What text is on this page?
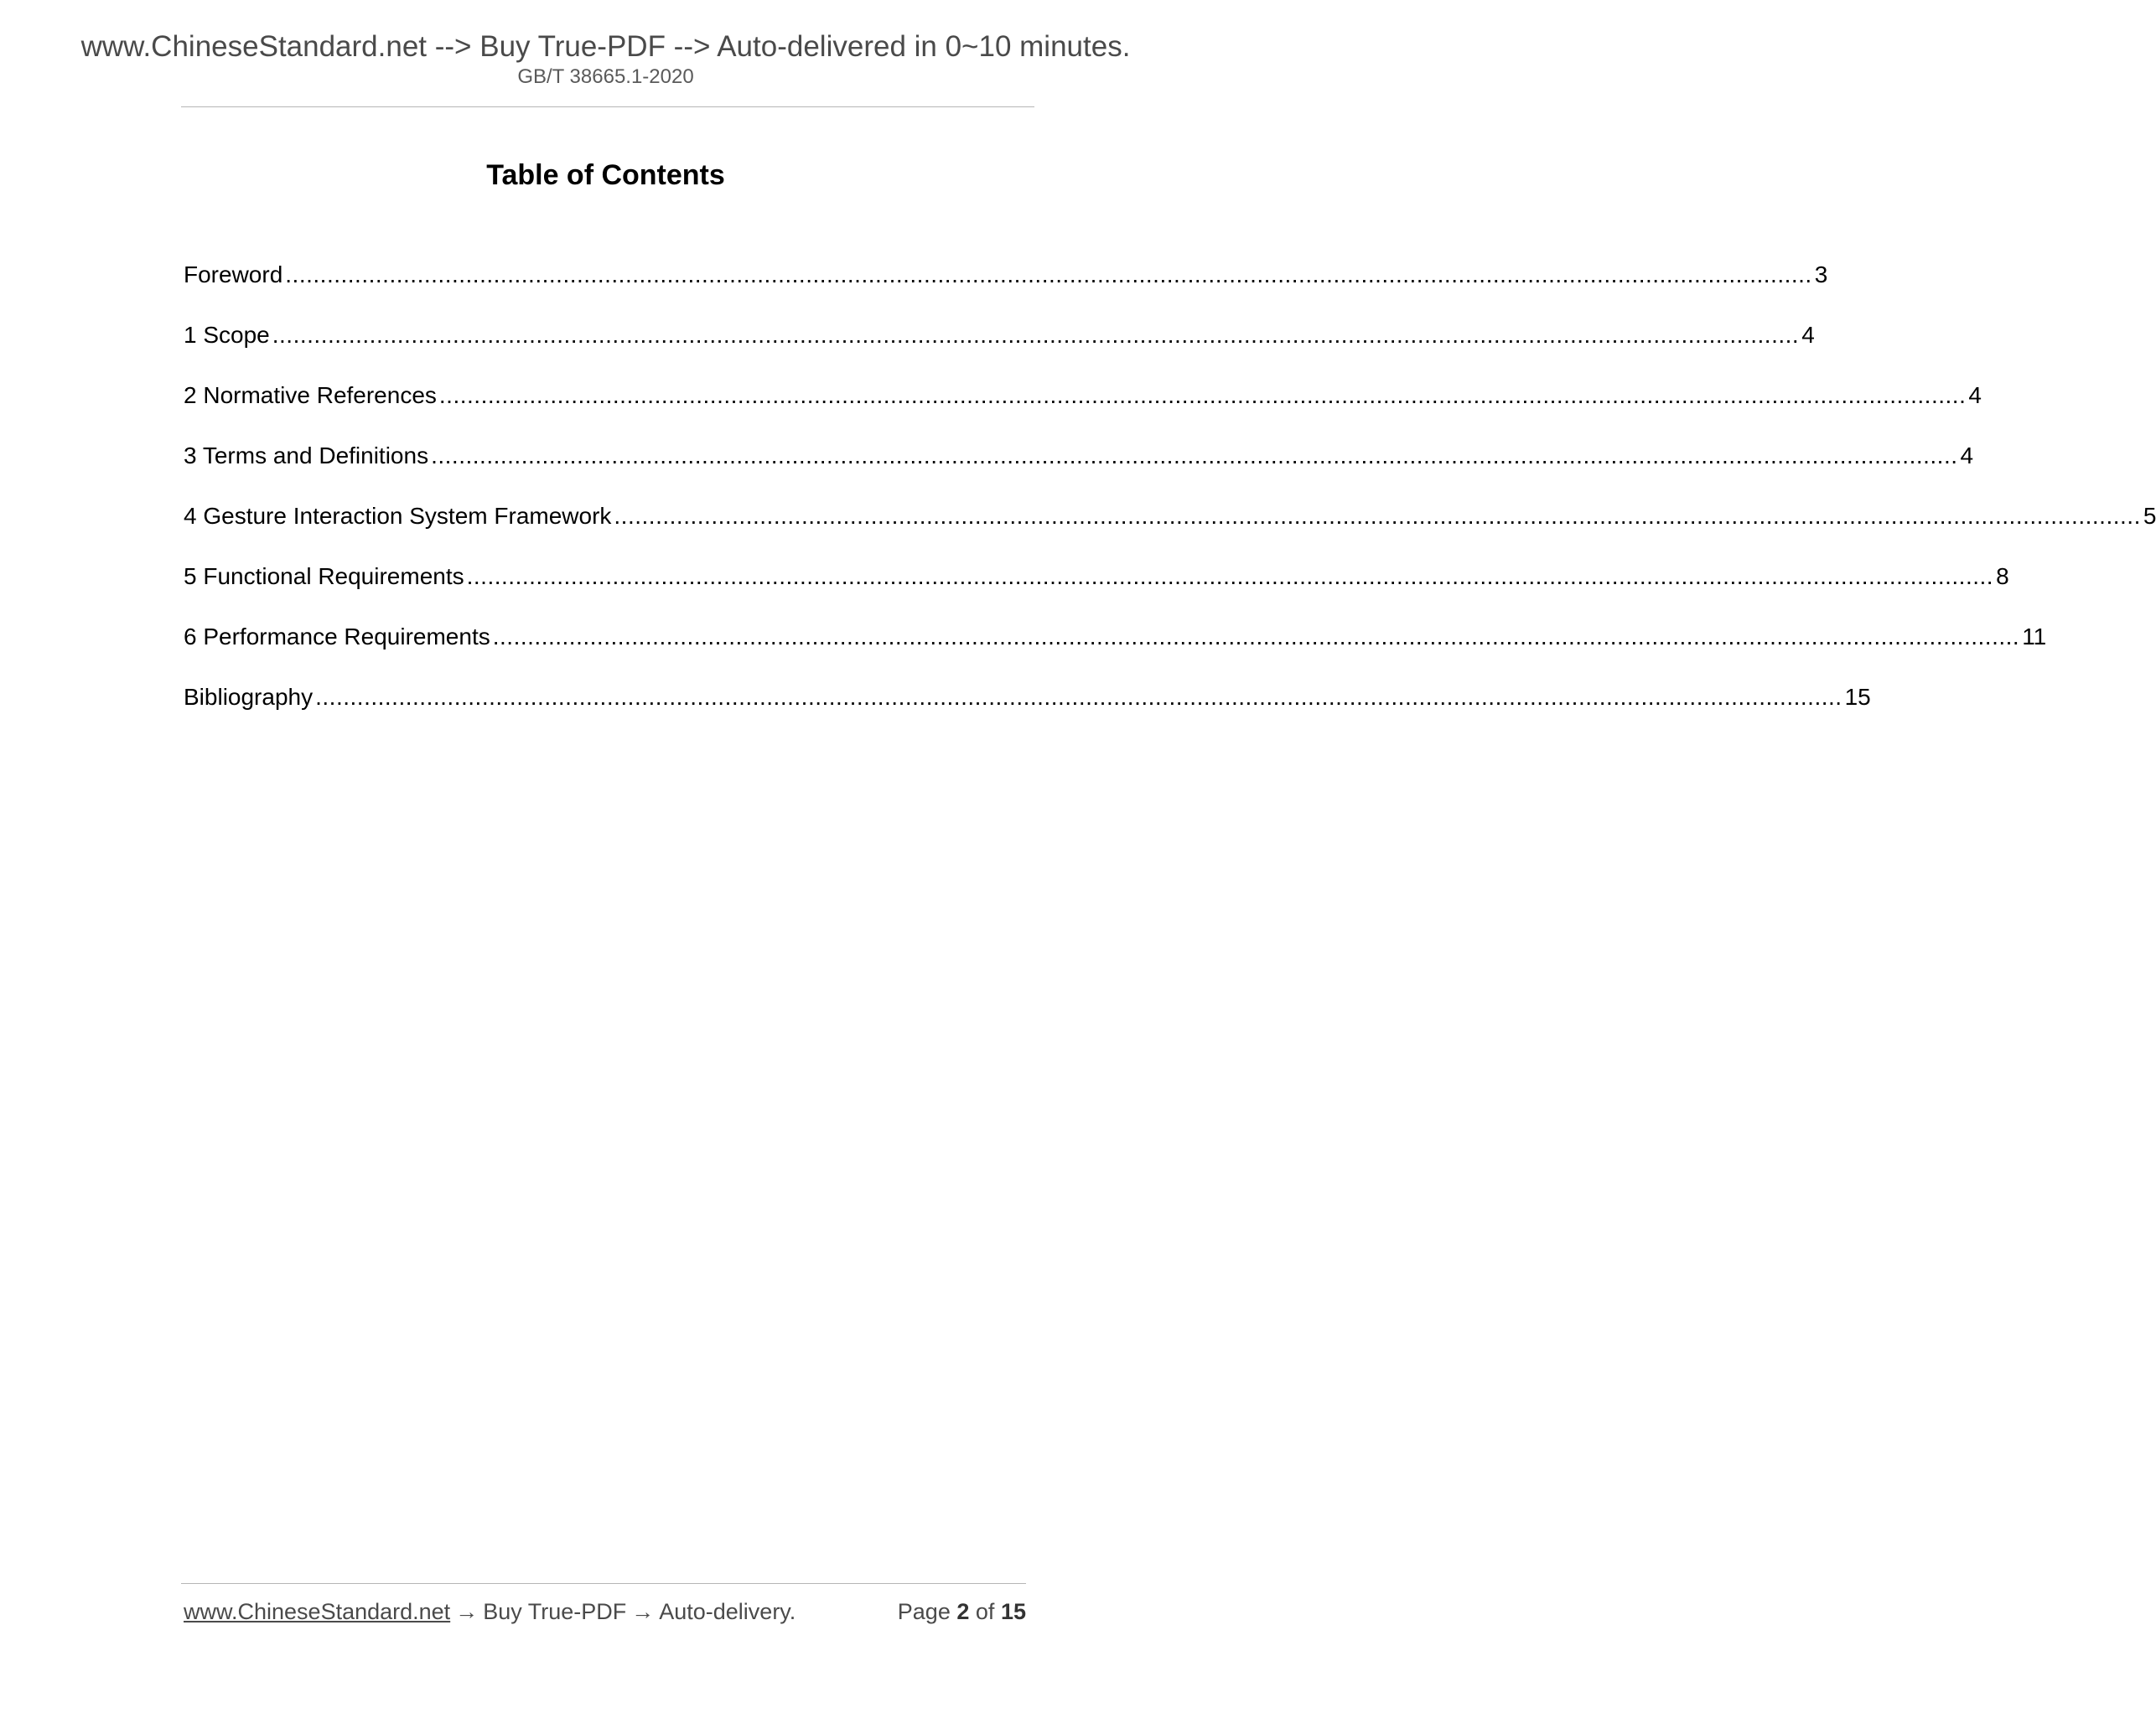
www.ChineseStandard.net --> Buy True-PDF --> Auto-delivered in 0~10 minutes.
GB/T 38665.1-2020
Table of Contents
Foreword ............................................................................................................................................................................................................................ 3
1 Scope ............................................................................................................................................................................................................................ 4
2 Normative References ............................................................................................................................................................................................................................ 4
3 Terms and Definitions ............................................................................................................................................................................................................................ 4
4 Gesture Interaction System Framework ............................................................................................................................................................................................................................ 5
5 Functional Requirements ............................................................................................................................................................................................................................ 8
6 Performance Requirements ............................................................................................................................................................................................................................ 11
Bibliography ............................................................................................................................................................................................................................ 15
www.ChineseStandard.net → Buy True-PDF → Auto-delivery.	Page 2 of 15
